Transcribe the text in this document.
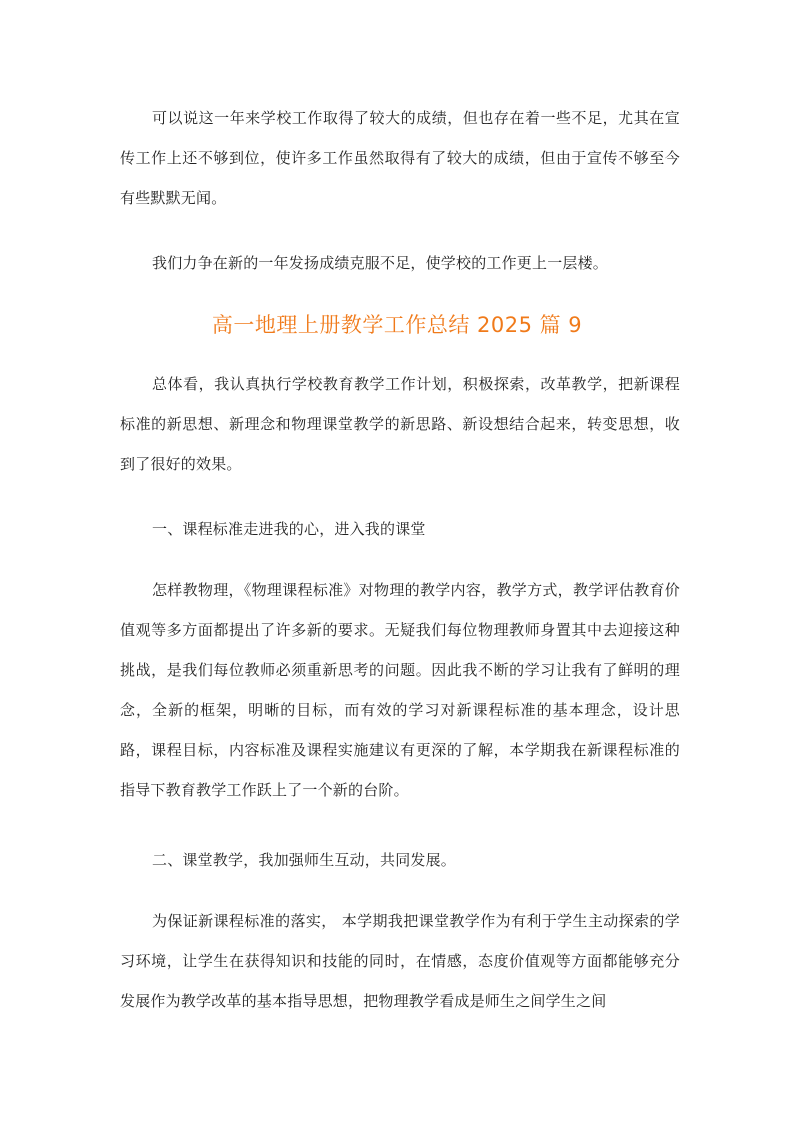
可以说这一年来学校工作取得了较大的成绩，但也存在着一些不足，尤其在宣传工作上还不够到位，使许多工作虽然取得有了较大的成绩，但由于宣传不够至今有些默默无闻。

我们力争在新的一年发扬成绩克服不足，使学校的工作更上一层楼。

高一地理上册教学工作总结 2025 篇 9

总体看，我认真执行学校教育教学工作计划，积极探索，改革教学，把新课程标准的新思想、新理念和物理课堂教学的新思路、新设想结合起来，转变思想，收到了很好的效果。

一、课程标准走进我的心，进入我的课堂

怎样教物理，《物理课程标准》对物理的教学内容，教学方式，教学评估教育价值观等多方面都提出了许多新的要求。无疑我们每位物理教师身置其中去迎接这种挑战，是我们每位教师必须重新思考的问题。因此我不断的学习让我有了鲜明的理念，全新的框架，明晰的目标，而有效的学习对新课程标准的基本理念，设计思路，课程目标，内容标准及课程实施建议有更深的了解，本学期我在新课程标准的指导下教育教学工作跃上了一个新的台阶。

二、课堂教学，我加强师生互动，共同发展。

为保证新课程标准的落实， 本学期我把课堂教学作为有利于学生主动探索的学习环境，让学生在获得知识和技能的同时，在情感，态度价值观等方面都能够充分发展作为教学改革的基本指导思想，把物理教学看成是师生之间学生之间
